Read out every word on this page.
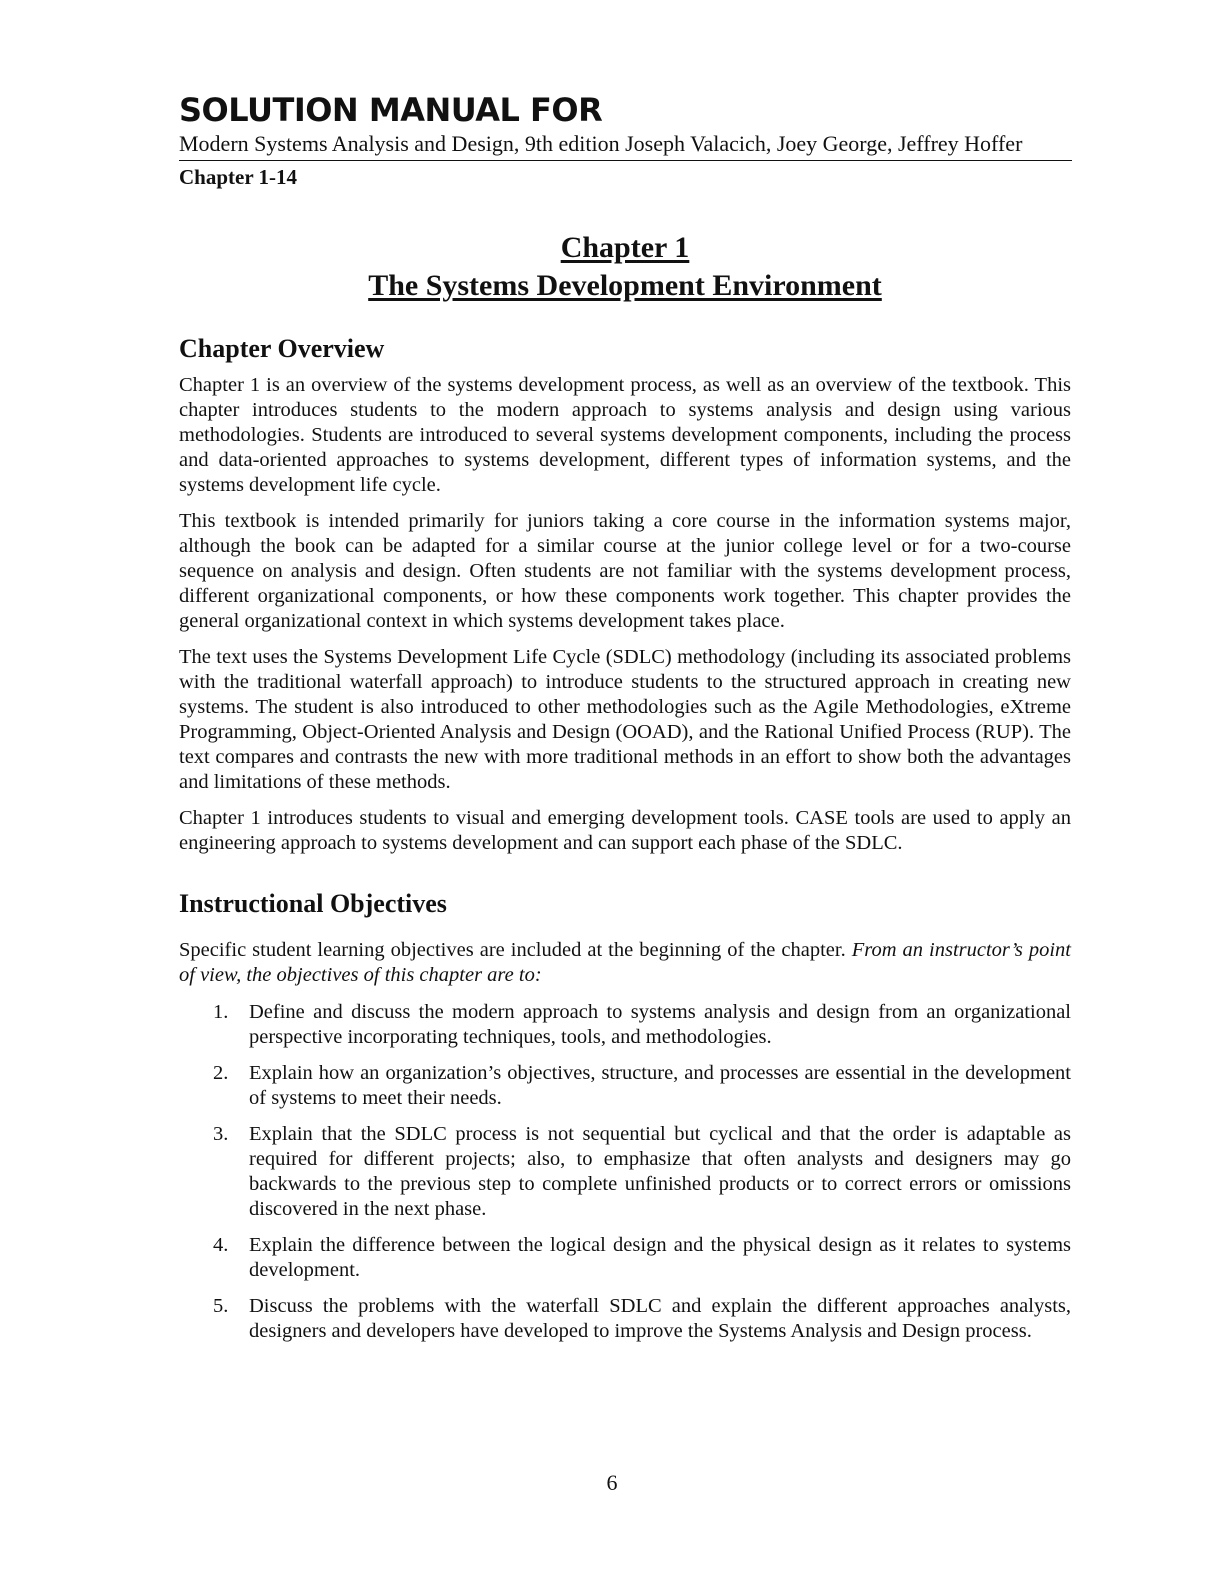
SOLUTION MANUAL FOR

Modern Systems Analysis and Design, 9th edition Joseph Valacich, Joey George, Jeffrey Hoffer

Chapter 1-14

Chapter 1
The Systems Development Environment
Chapter Overview

Chapter 1 is an overview of the systems development process, as well as an overview of the textbook. This chapter introduces students to the modern approach to systems analysis and design using various methodologies. Students are introduced to several systems development components, including the process and data-oriented approaches to systems development, different types of information systems, and the systems development life cycle.

This textbook is intended primarily for juniors taking a core course in the information systems major, although the book can be adapted for a similar course at the junior college level or for a two-course sequence on analysis and design. Often students are not familiar with the systems development process, different organizational components, or how these components work together. This chapter provides the general organizational context in which systems development takes place.

The text uses the Systems Development Life Cycle (SDLC) methodology (including its associated problems with the traditional waterfall approach) to introduce students to the structured approach in creating new systems. The student is also introduced to other methodologies such as the Agile Methodologies, eXtreme Programming, Object-Oriented Analysis and Design (OOAD), and the Rational Unified Process (RUP). The text compares and contrasts the new with more traditional methods in an effort to show both the advantages and limitations of these methods.

Chapter 1 introduces students to visual and emerging development tools. CASE tools are used to apply an engineering approach to systems development and can support each phase of the SDLC.

Instructional Objectives

Specific student learning objectives are included at the beginning of the chapter. From an instructor’s point of view, the objectives of this chapter are to:

1. Define and discuss the modern approach to systems analysis and design from an organizational perspective incorporating techniques, tools, and methodologies.
2. Explain how an organization’s objectives, structure, and processes are essential in the development of systems to meet their needs.
3. Explain that the SDLC process is not sequential but cyclical and that the order is adaptable as required for different projects; also, to emphasize that often analysts and designers may go backwards to the previous step to complete unfinished products or to correct errors or omissions discovered in the next phase.
4. Explain the difference between the logical design and the physical design as it relates to systems development.
5. Discuss the problems with the waterfall SDLC and explain the different approaches analysts, designers and developers have developed to improve the Systems Analysis and Design process.
6
